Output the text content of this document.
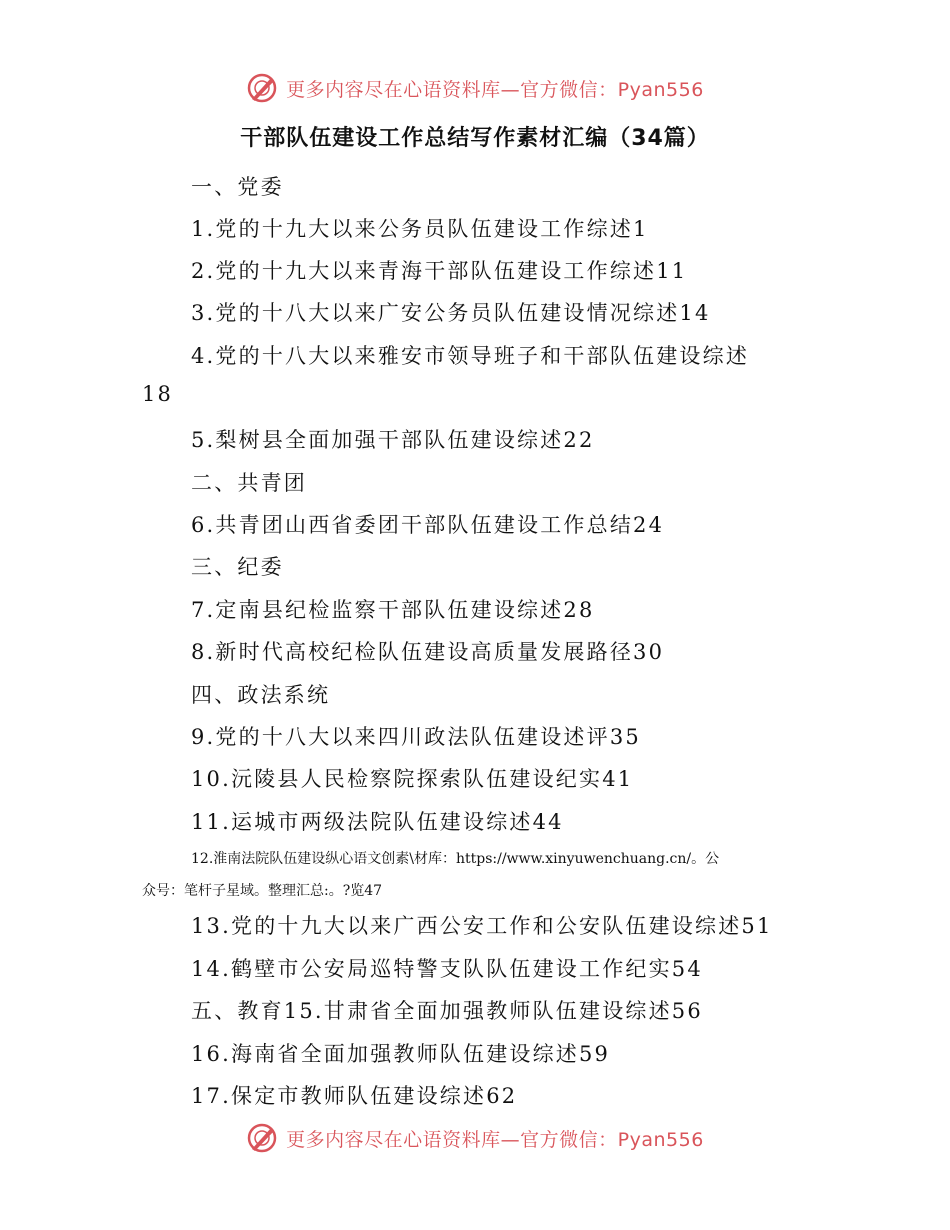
更多内容尽在心语资料库—官方微信：Pyan556
干部队伍建设工作总结写作素材汇编（34篇）
一、党委
1.党的十九大以来公务员队伍建设工作综述1
2.党的十九大以来青海干部队伍建设工作综述11
3.党的十八大以来广安公务员队伍建设情况综述14
4.党的十八大以来雅安市领导班子和干部队伍建设综述
18
5.梨树县全面加强干部队伍建设综述22
二、共青团
6.共青团山西省委团干部队伍建设工作总结24
三、纪委
7.定南县纪检监察干部队伍建设综述28
8.新时代高校纪检队伍建设高质量发展路径30
四、政法系统
9.党的十八大以来四川政法队伍建设述评35
10.沅陵县人民检察院探索队伍建设纪实41
11.运城市两级法院队伍建设综述44
12.淮南法院队伍建设纵心语文创素\材库：https://www.xinyuwenchuang.cn/。公
众号：笔杆子星域。整理汇总:。?览47
13.党的十九大以来广西公安工作和公安队伍建设综述51
14.鹤壁市公安局巡特警支队队伍建设工作纪实54
五、教育15.甘肃省全面加强教师队伍建设综述56
16.海南省全面加强教师队伍建设综述59
17.保定市教师队伍建设综述62
更多内容尽在心语资料库—官方微信：Pyan556
